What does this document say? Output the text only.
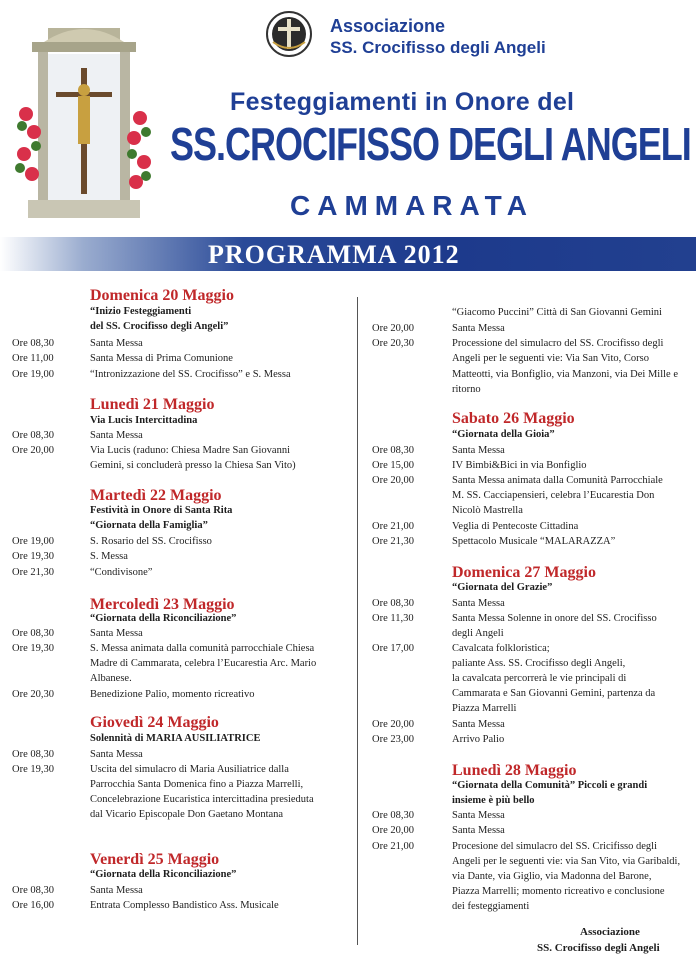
Associazione
SS. Crocifisso degli Angeli
Festeggiamenti in Onore del
SS.CROCIFISSO DEGLI ANGELI
CAMMARATA
PROGRAMMA 2012
Domenica 20 Maggio
“Inizio Festeggiamenti
del SS. Crocifisso degli Angeli”
Ore 08,30	Santa Messa
Ore 11,00	Santa Messa di Prima Comunione
Ore 19,00	“Intronizzazione del SS. Crocifisso” e S. Messa
Lunedì 21 Maggio
Via Lucis Intercittadina
Ore 08,30	Santa Messa
Ore 20,00	Via Lucis (raduno: Chiesa Madre San Giovanni
Gemini, si concluderà presso la Chiesa San Vito)
Martedì 22 Maggio
Festività in Onore di Santa Rita
“Giornata della Famiglia”
Ore 19,00	S. Rosario del SS. Crocifisso
Ore 19,30	S. Messa
Ore 21,30	“Condivisone”
Mercoledì 23 Maggio
“Giornata della Riconciliazione”
Ore 08,30	Santa Messa
Ore 19,30	S. Messa animata dalla comunità parrocchiale Chiesa
Madre di Cammarata, celebra l’Eucarestia Arc. Mario
Albanese.
Ore 20,30	Benedizione Palio, momento ricreativo
Giovedì 24 Maggio
Solennità di MARIA AUSILIATRICE
Ore 08,30	Santa Messa
Ore 19,30	Uscita del simulacro di Maria Ausiliatrice dalla
Parrocchia Santa Domenica fino a Piazza Marrelli,
Concelebrazione Eucaristica intercittadina presieduta
dal Vicario Episcopale Don Gaetano Montana
Venerdì 25 Maggio
“Giornata della Riconciliazione”
Ore 08,30	Santa Messa
Ore 16,00	Entrata Complesso Bandistico Ass. Musicale
“Giacomo Puccini” Città di San Giovanni Gemini
Ore 20,00	Santa Messa
Ore 20,30	Processione del simulacro del SS. Crocifisso degli
Angeli per le seguenti vie: Via San Vito, Corso
Matteotti, via Bonfiglio, via Manzoni, via Dei Mille e
ritorno
Sabato 26 Maggio
“Giornata della Gioia”
Ore 08,30	Santa Messa
Ore 15,00	IV Bimbi&Bici in via Bonfiglio
Ore 20,00	Santa Messa animata dalla Comunità Parrocchiale
M. SS. Cacciapensieri, celebra l’Eucarestia Don
Nicolò Mastrella
Ore 21,00	Veglia di Pentecoste Cittadina
Ore 21,30	Spettacolo Musicale “MALARAZZA”
Domenica 27 Maggio
“Giornata del Grazie”
Ore 08,30	Santa Messa
Ore 11,30	Santa Messa Solenne in onore del SS. Crocifisso
degli Angeli
Ore 17,00	Cavalcata folkloristica;
paliante Ass. SS. Crocifisso degli Angeli,
la cavalcata percorrerà le vie principali di
Cammarata e San Giovanni Gemini, partenza da
Piazza Marrelli
Ore 20,00	Santa Messa
Ore 23,00	Arrivo Palio
Lunedì 28 Maggio
“Giornata della Comunità” Piccoli e grandi
insieme è più bello
Ore 08,30	Santa Messa
Ore 20,00	Santa Messa
Ore 21,00	Procesione del simulacro del SS. Cricifisso degli
Angeli per le seguenti vie: via San Vito, via Garibaldi,
via Dante, via Giglio, via Madonna del Barone,
Piazza Marrelli; momento ricreativo e conclusione
dei festeggiamenti
Associazione
SS. Crocifisso degli Angeli
